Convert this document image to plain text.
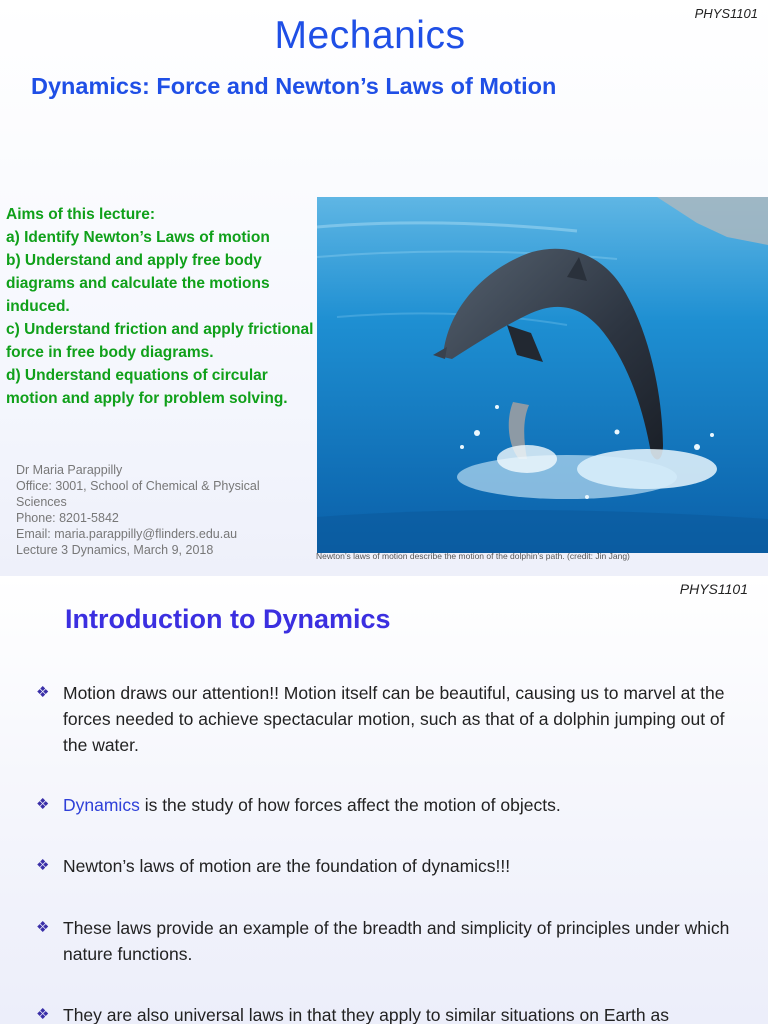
PHYS1101
Mechanics
Dynamics: Force and Newton’s Laws of Motion
Aims of this lecture:
a) Identify Newton’s Laws of motion
b) Understand and apply free body diagrams and calculate the motions induced.
c) Understand friction and apply frictional force in free body diagrams.
d) Understand equations of circular motion and apply for problem solving.
Dr Maria Parappilly
Office: 3001, School of Chemical & Physical Sciences
Phone: 8201-5842
Email: maria.parappilly@flinders.edu.au
Lecture 3 Dynamics, March 9, 2018	Newton’s laws of motion describe the motion of the dolphin’s path. (credit: Jin Jang)
PHYS1101
Introduction to Dynamics
❖ Motion draws our attention!! Motion itself can be beautiful, causing us to marvel at the forces needed to achieve spectacular motion, such as that of a dolphin jumping out of the water.
❖ Dynamics is the study of how forces affect the motion of objects.
❖ Newton’s laws of motion are the foundation of dynamics!!!
❖ These laws provide an example of the breadth and simplicity of principles under which nature functions.
❖ They are also universal laws in that they apply to similar situations on Earth as
